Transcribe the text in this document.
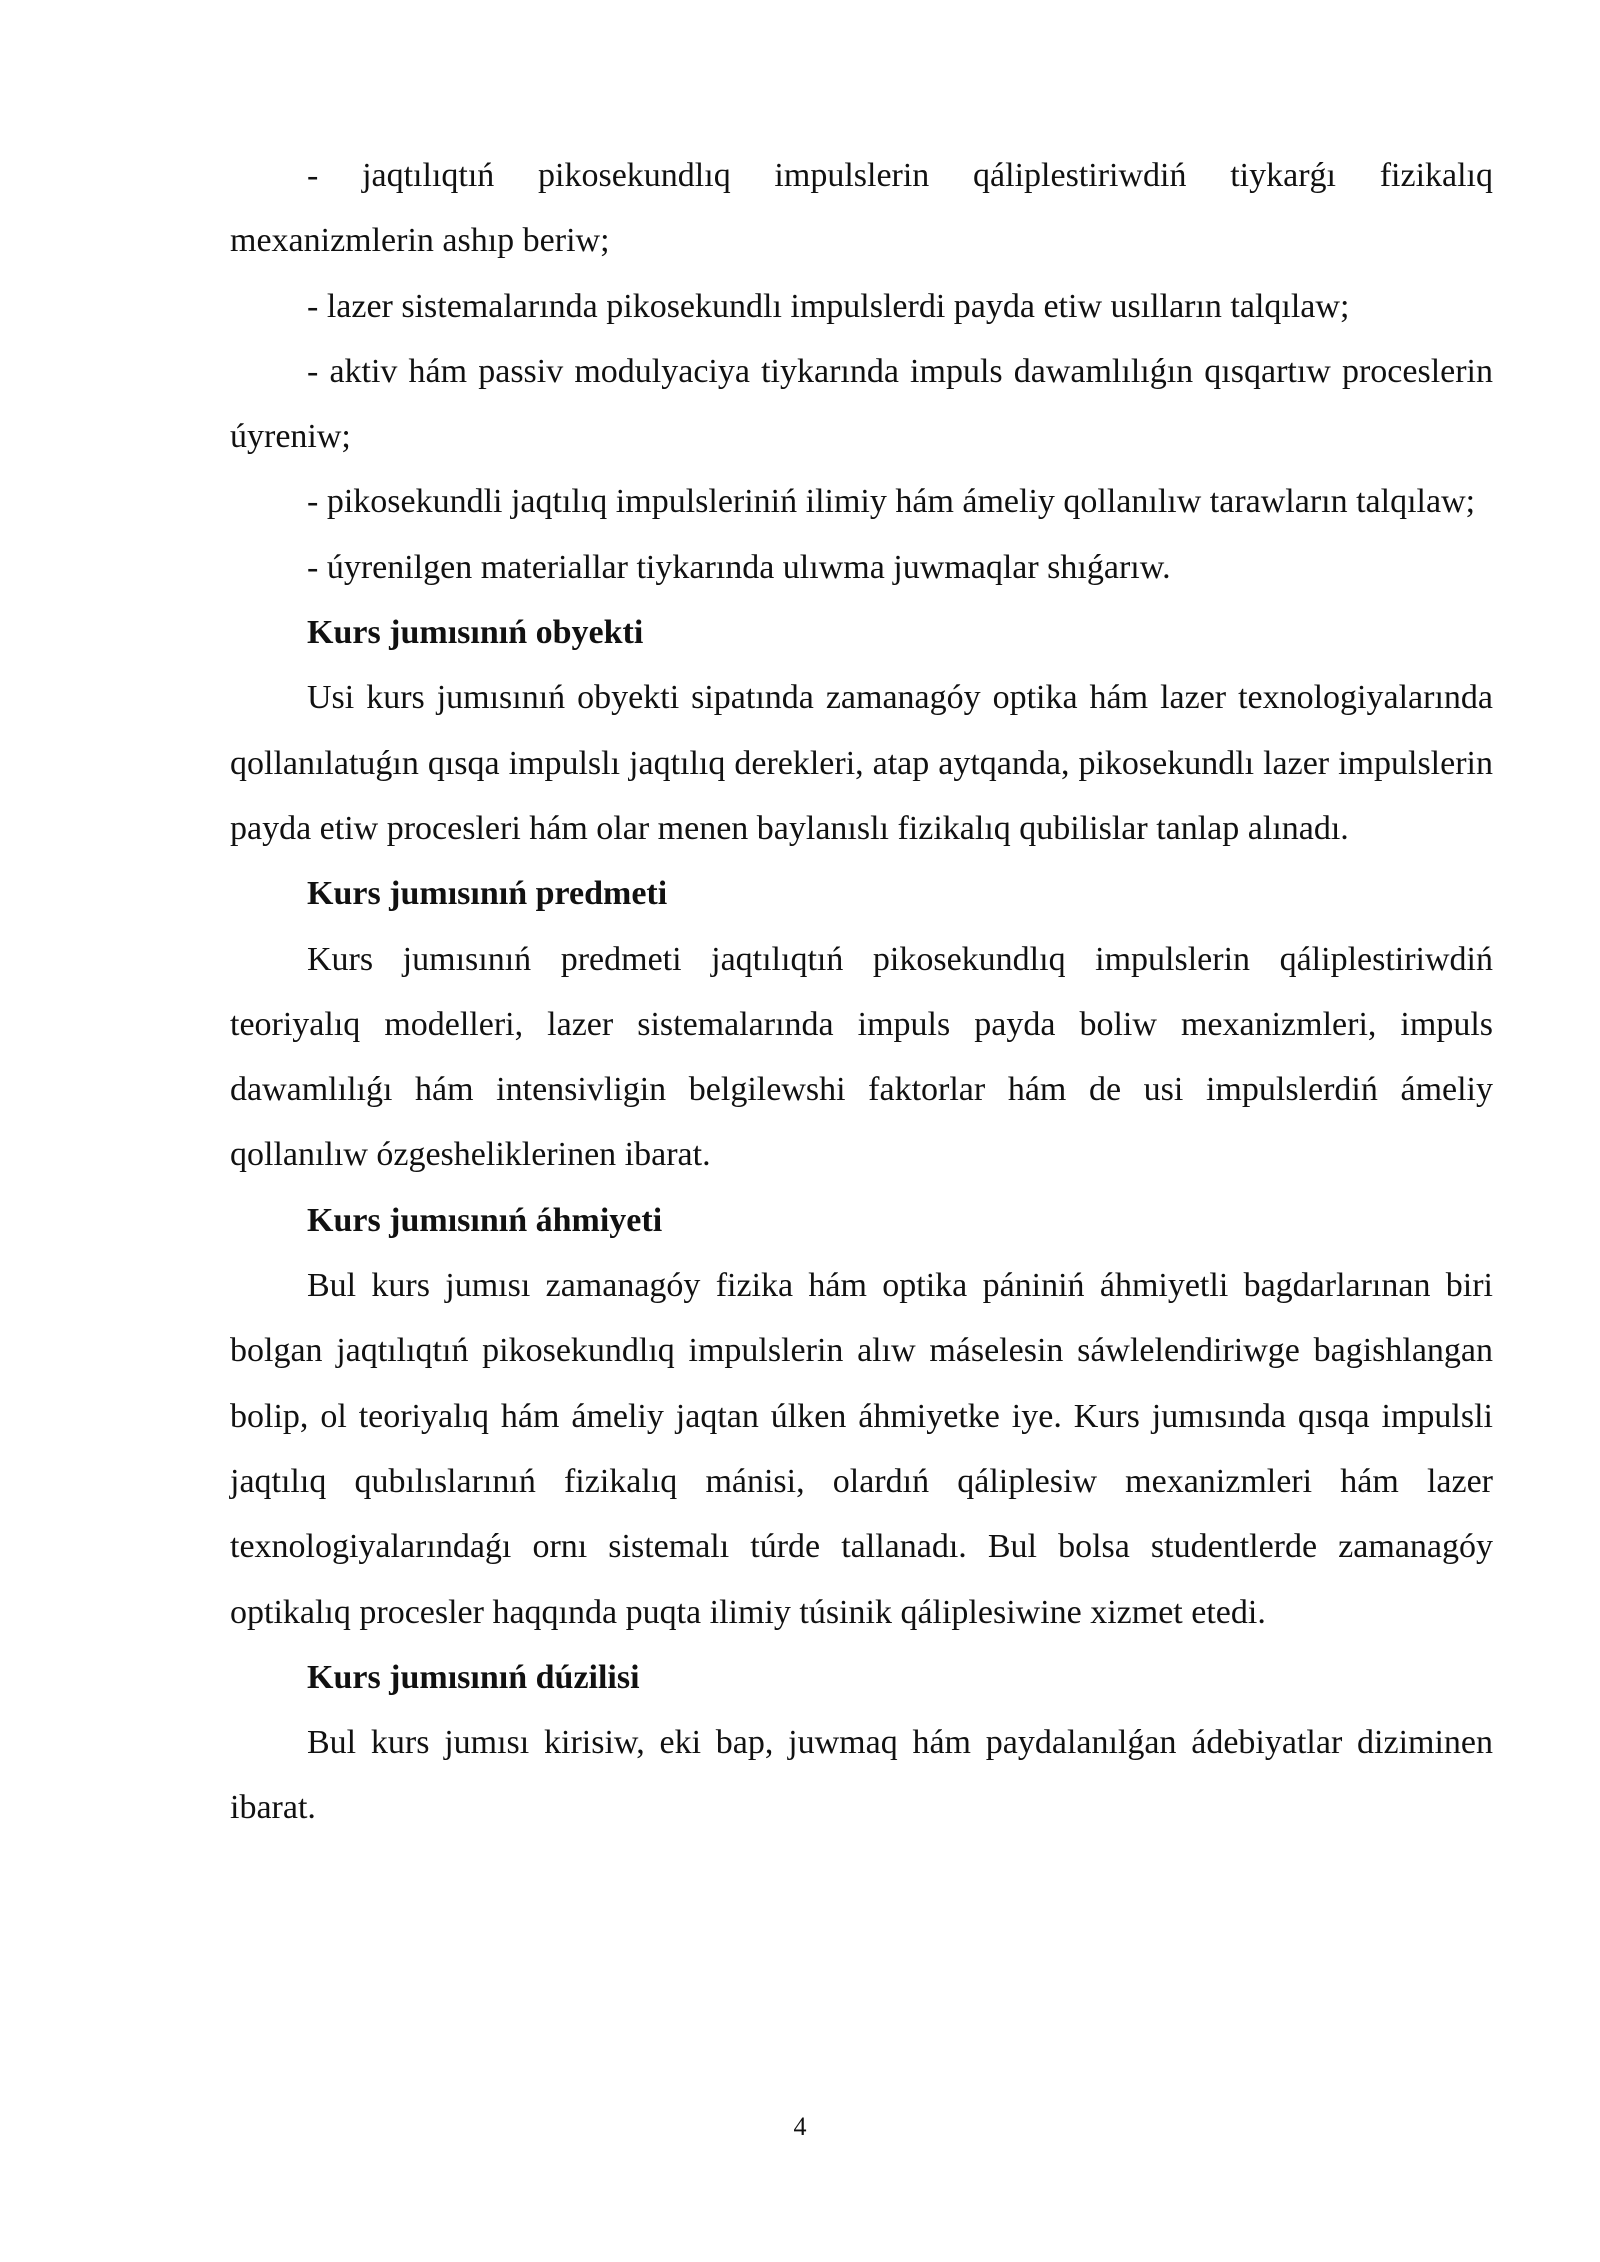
- jaqtılıqtıń pikosekundlıq impulslerin qáliplestiriwdiń tiykarǵı fizikalıq mexanizmlerin ashıp beriw;

- lazer sistemalarında pikosekundlı impulslerdi payda etiw usılların talqılaw;

- aktiv hám passiv modulyaciya tiykarında impuls dawamlılıǵın qısqartıw proceslerin úyreniw;

- pikosekundli jaqtılıq impulsleriniń ilimiy hám ámeliy qollanılıw tarawların talqılaw;

- úyrenilgen materiallar tiykarında ulıwma juwmaqlar shıǵarıw.

Kurs jumısınıń obyekti

Usi kurs jumısınıń obyekti sipatında zamanagóy optika hám lazer texnologiyalarında qollanılatuǵın qısqa impulslı jaqtılıq derekleri, atap aytqanda, pikosekundlı lazer impulslerin payda etiw procesleri hám olar menen baylanıslı fizikalıq qubilislar tanlap alınadı.

Kurs jumısınıń predmeti

Kurs jumısınıń predmeti jaqtılıqtıń pikosekundlıq impulslerin qáliplestiriwdiń teoriyalıq modelleri, lazer sistemalarında impuls payda boliw mexanizmleri, impuls dawamlılıǵı hám intensivligin belgilewshi faktorlar hám de usi impulslerdiń ámeliy qollanılıw ózgesheliklerinen ibarat.

Kurs jumısınıń áhmiyeti

Bul kurs jumısı zamanagóy fizika hám optika pániniń áhmiyetli bagdarlarınan biri bolgan jaqtılıqtıń pikosekundlıq impulslerin alıw máselesin sáwlelendiriwge bagishlangan bolip, ol teoriyalıq hám ámeliy jaqtan úlken áhmiyetke iye. Kurs jumısında qısqa impulsli jaqtılıq qubılıslarınıń fizikalıq mánisi, olardıń qáliplesiw mexanizmleri hám lazer texnologiyalarındaǵı ornı sistemalı túrde tallanadı. Bul bolsa studentlerde zamanagóy optikalıq procesler haqqında puqta ilimiy túsinik qáliplesiwine xizmet etedi.

Kurs jumısınıń dúzilisi

Bul kurs jumısı kirisiw, eki bap, juwmaq hám paydalanılǵan ádebiyatlar diziminen ibarat.

4
